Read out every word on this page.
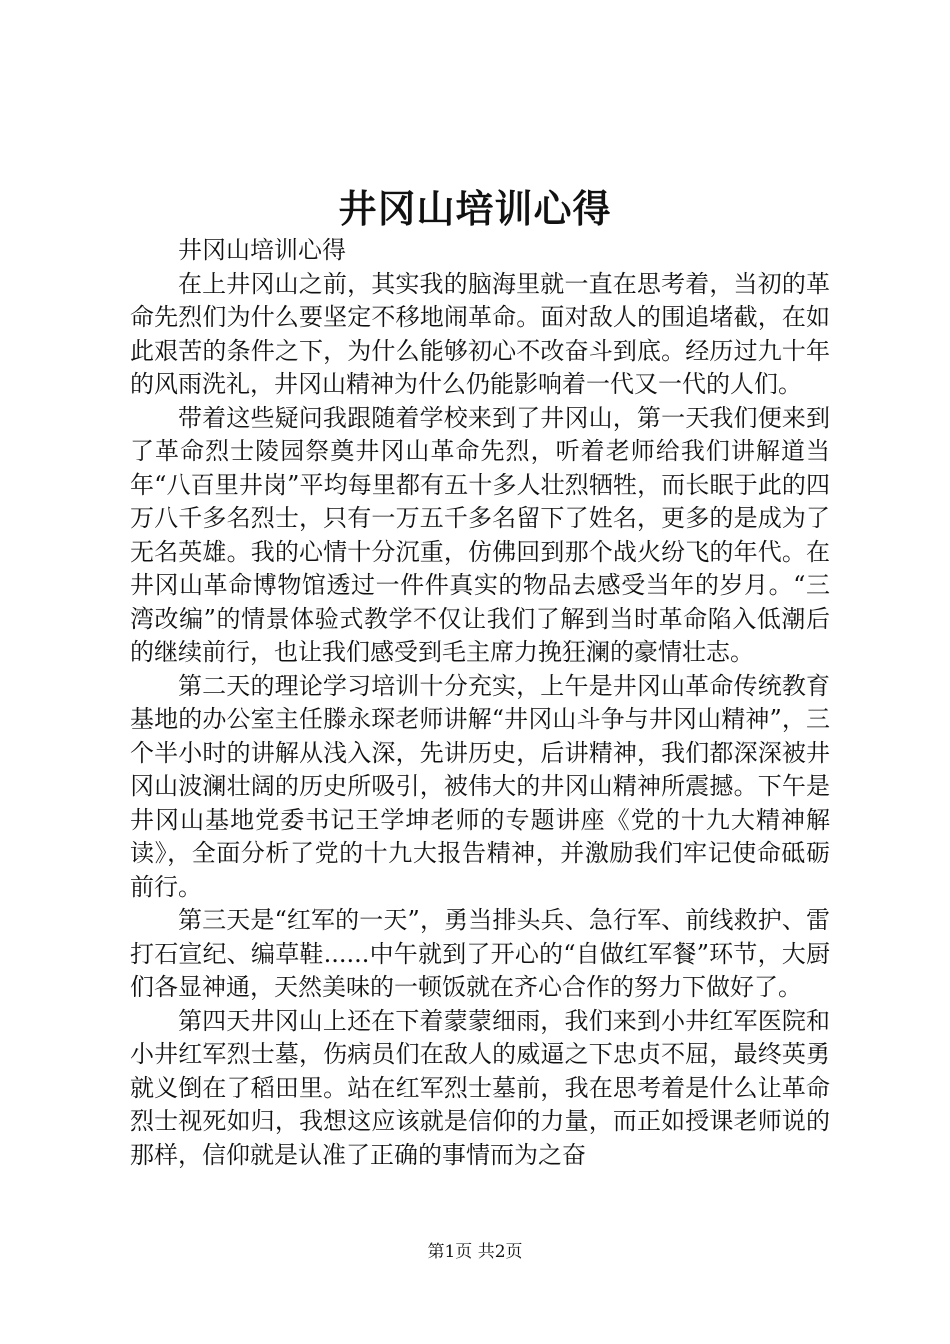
井冈山培训心得

井冈山培训心得

在上井冈山之前，其实我的脑海里就一直在思考着，当初的革命先烈们为什么要坚定不移地闹革命。面对敌人的围追堵截，在如此艰苦的条件之下，为什么能够初心不改奋斗到底。经历过九十年的风雨洗礼，井冈山精神为什么仍能影响着一代又一代的人们。

带着这些疑问我跟随着学校来到了井冈山，第一天我们便来到了革命烈士陵园祭奠井冈山革命先烈，听着老师给我们讲解道当年“八百里井岗”平均每里都有五十多人壮烈牺牲，而长眠于此的四万八千多名烈士，只有一万五千多名留下了姓名，更多的是成为了无名英雄。我的心情十分沉重，仿佛回到那个战火纷飞的年代。在井冈山革命博物馆透过一件件真实的物品去感受当年的岁月。“三湾改编”的情景体验式教学不仅让我们了解到当时革命陷入低潮后的继续前行，也让我们感受到毛主席力挽狂澜的豪情壮志。

第二天的理论学习培训十分充实，上午是井冈山革命传统教育基地的办公室主任滕永琛老师讲解“井冈山斗争与井冈山精神”，三个半小时的讲解从浅入深，先讲历史，后讲精神，我们都深深被井冈山波澜壮阔的历史所吸引，被伟大的井冈山精神所震撼。下午是井冈山基地党委书记王学坤老师的专题讲座《党的十九大精神解读》，全面分析了党的十九大报告精神，并激励我们牢记使命砥砺前行。

第三天是“红军的一天”，勇当排头兵、急行军、前线救护、雷打石宣纪、编草鞋......中午就到了开心的“自做红军餐”环节，大厨们各显神通，天然美味的一顿饭就在齐心合作的努力下做好了。

第四天井冈山上还在下着蒙蒙细雨，我们来到小井红军医院和小井红军烈士墓，伤病员们在敌人的威逼之下忠贞不屈，最终英勇就义倒在了稻田里。站在红军烈士墓前，我在思考着是什么让革命烈士视死如归，我想这应该就是信仰的力量，而正如授课老师说的那样，信仰就是认准了正确的事情而为之奋

第1页 共2页
